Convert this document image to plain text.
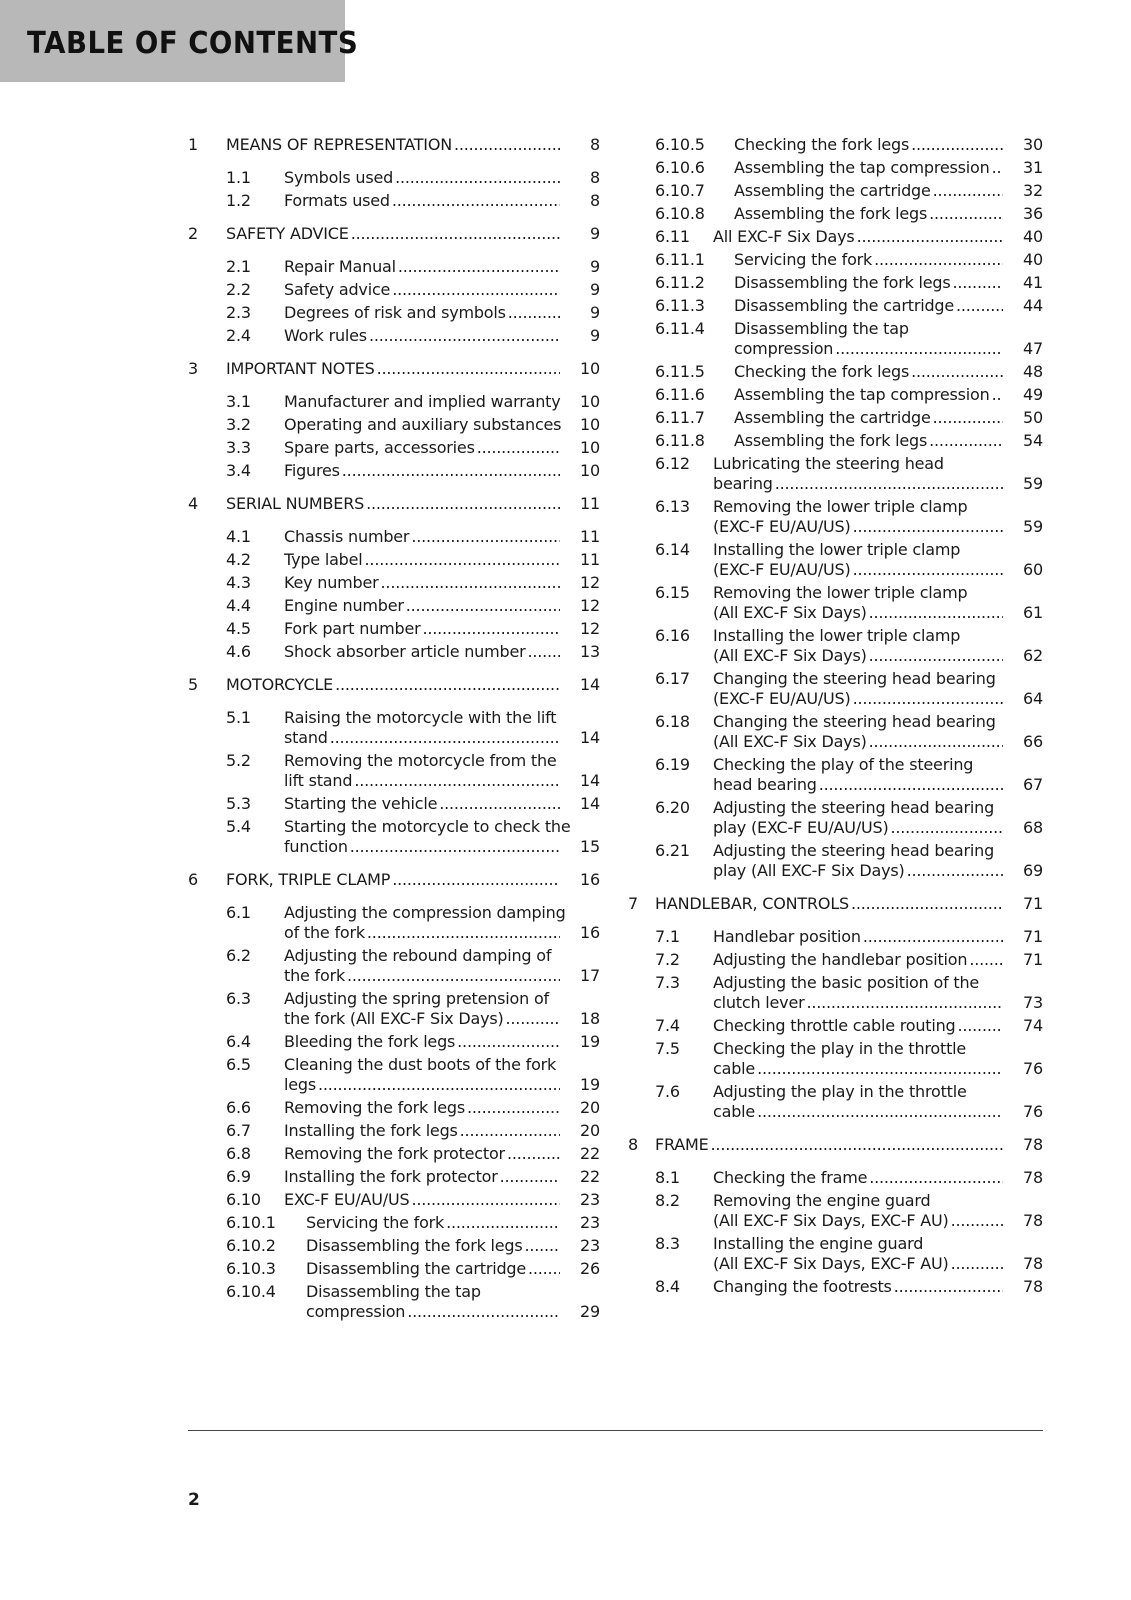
TABLE OF CONTENTS
1 MEANS OF REPRESENTATION .....	8
1.1 Symbols used .....	8
1.2 Formats used .....	8
2 SAFETY ADVICE .....	9
2.1 Repair Manual .....	9
2.2 Safety advice .....	9
2.3 Degrees of risk and symbols .....	9
2.4 Work rules .....	9
3 IMPORTANT NOTES .....	10
3.1 Manufacturer and implied warranty 10
3.2 Operating and auxiliary substances 10
3.3 Spare parts, accessories .....	10
3.4 Figures .....	10
4 SERIAL NUMBERS .....	11
4.1 Chassis number .....	11
4.2 Type label .....	11
4.3 Key number .....	12
4.4 Engine number .....	12
4.5 Fork part number .....	12
4.6 Shock absorber article number .....	13
5 MOTORCYCLE .....	14
5.1 Raising the motorcycle with the lift
stand .....	14
5.2 Removing the motorcycle from the
lift stand .....	14
5.3 Starting the vehicle .....	14
5.4 Starting the motorcycle to check the
function .....	15
6 FORK, TRIPLE CLAMP .....	16
6.1 Adjusting the compression damping
of the fork .....	16
6.2 Adjusting the rebound damping of
the fork .....	17
6.3 Adjusting the spring pretension of
the fork (All EXC-F Six Days) .....	18
6.4 Bleeding the fork legs .....	19
6.5 Cleaning the dust boots of the fork
legs .....	19
6.6 Removing the fork legs .....	20
6.7 Installing the fork legs .....	20
6.8 Removing the fork protector .....	22
6.9 Installing the fork protector .....	22
6.10 EXC-F EU/AU/US .....	23
6.10.1 Servicing the fork .....	23
6.10.2 Disassembling the fork legs .....	23
6.10.3 Disassembling the cartridge .....	26
6.10.4 Disassembling the tap
compression .....	29
6.10.5 Checking the fork legs .....	30
6.10.6 Assembling the tap compression ..... 31
6.10.7 Assembling the cartridge .....	32
6.10.8 Assembling the fork legs .....	36
6.11 All EXC-F Six Days .....	40
6.11.1 Servicing the fork .....	40
6.11.2 Disassembling the fork legs .....	41
6.11.3 Disassembling the cartridge .....	44
6.11.4 Disassembling the tap
compression .....	47
6.11.5 Checking the fork legs .....	48
6.11.6 Assembling the tap compression ..... 49
6.11.7 Assembling the cartridge .....	50
6.11.8 Assembling the fork legs .....	54
6.12 Lubricating the steering head
bearing .....	59
6.13 Removing the lower triple clamp
(EXC-F EU/AU/US) .....	59
6.14 Installing the lower triple clamp
(EXC-F EU/AU/US) .....	60
6.15 Removing the lower triple clamp
(All EXC-F Six Days) .....	61
6.16 Installing the lower triple clamp
(All EXC-F Six Days) .....	62
6.17 Changing the steering head bearing
(EXC-F EU/AU/US) .....	64
6.18 Changing the steering head bearing
(All EXC-F Six Days) .....	66
6.19 Checking the play of the steering
head bearing .....	67
6.20 Adjusting the steering head bearing
play (EXC-F EU/AU/US) .....	68
6.21 Adjusting the steering head bearing
play (All EXC-F Six Days) .....	69
7 HANDLEBAR, CONTROLS .....	71
7.1 Handlebar position .....	71
7.2 Adjusting the handlebar position .....	71
7.3 Adjusting the basic position of the
clutch lever .....	73
7.4 Checking throttle cable routing .....	74
7.5 Checking the play in the throttle
cable .....	76
7.6 Adjusting the play in the throttle
cable .....	76
8 FRAME .....	78
8.1 Checking the frame .....	78
8.2 Removing the engine guard
(All EXC-F Six Days, EXC-F AU) .....	78
8.3 Installing the engine guard
(All EXC-F Six Days, EXC-F AU) .....	78
8.4 Changing the footrests .....	78
2
